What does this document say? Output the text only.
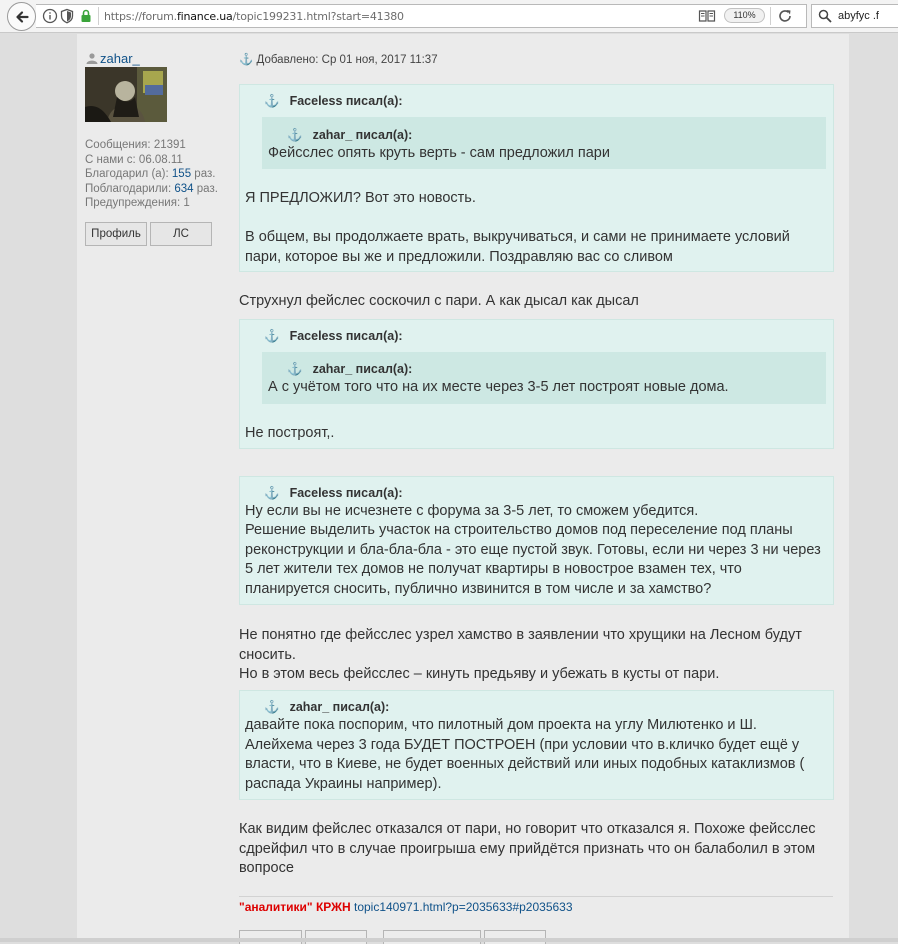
https://forum.finance.ua/topic199231.html?start=41380	110%	abyfyc .f
zahar_
Сообщения: 21391
С нами с: 06.08.11
Благодарил (а): 155 раз.
Поблагодарили: 634 раз.
Предупреждения: 1
Профиль	ЛС
⚓ Добавлено: Ср 01 ноя, 2017 11:37
⚓ Faceless писал(а):
⚓ zahar_ писал(а):
Фейсслес опять круть верть - сам предложил пари
Я ПРЕДЛОЖИЛ? Вот это новость.
В общем, вы продолжаете врать, выкручиваться, и сами не принимаете условий пари, которое вы же и предложили. Поздравляю вас со сливом
Струхнул фейслес соскочил с пари. А как дысал как дысал
⚓ Faceless писал(а):
⚓ zahar_ писал(а):
А с учётом того что на их месте через 3-5 лет построят новые дома.
Не построят,.
⚓ Faceless писал(а):
Ну если вы не исчезнете с форума за 3-5 лет, то сможем убедится.
Решение выделить участок на строительство домов под переселение под планы реконструкции и бла-бла-бла - это еще пустой звук. Готовы, если ни через 3 ни через 5 лет жители тех домов не получат квартиры в новострое взамен тех, что планируется сносить, публично извинится в том числе и за хамство?
Не понятно где фейсслес узрел хамство в заявлении что хрущики на Лесном будут сносить.
Но в этом весь фейсслес – кинуть предьяву и убежать в кусты от пари.
⚓ zahar_ писал(а):
давайте пока поспорим, что пилотный дом проекта на углу Милютенко и Ш. Алейхема через 3 года БУДЕТ ПОСТРОЕН (при условии что в.кличко будет ещё у власти, что в Киеве, не будет военных действий или иных подобных катаклизмов ( распада Украины например).
Как видим фейслес отказался от пари, но говорит что отказался я. Похоже фейсслес сдрейфил что в случае проигрыша ему прийдётся признать что он балаболил в этом вопросе
"аналитики" КРЖН topic140971.html?p=2035633#p2035633
